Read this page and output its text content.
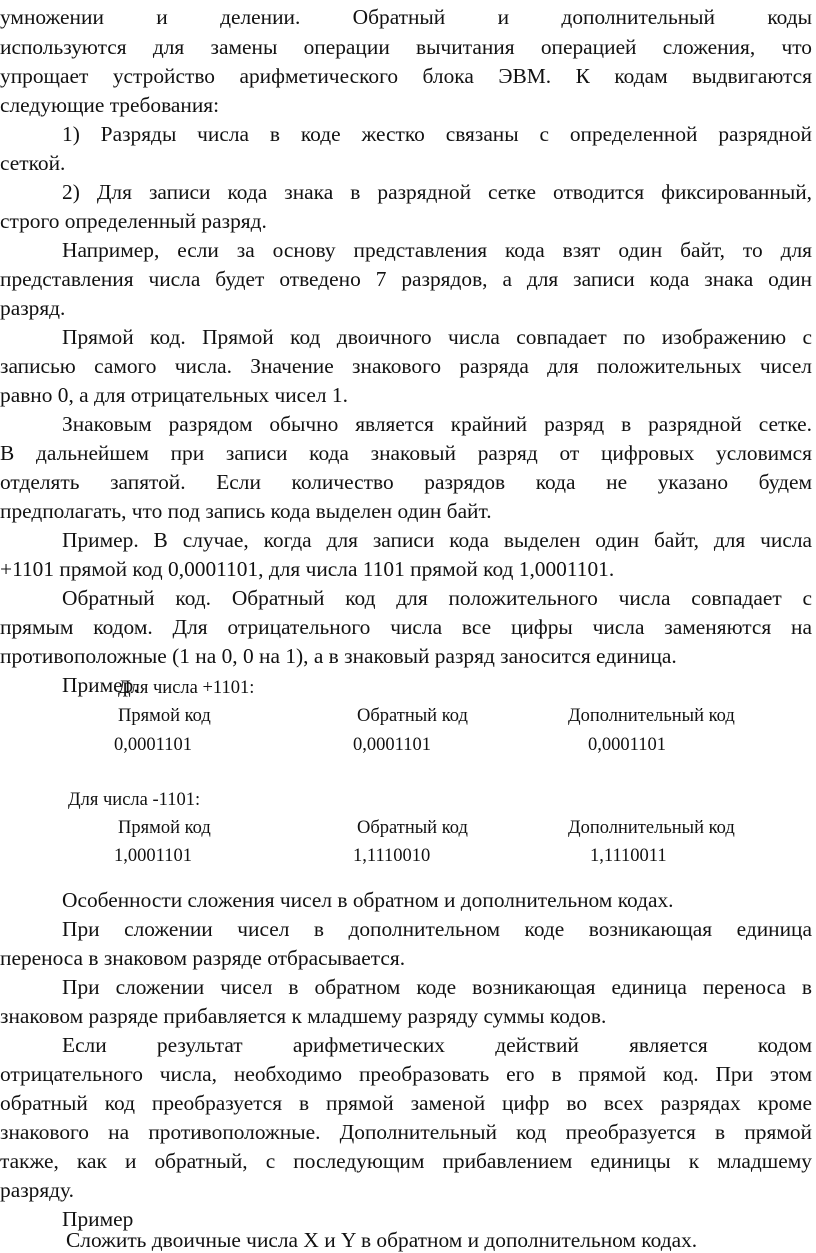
умножении и делении. Обратный и дополнительный коды
используются для замены операции вычитания операцией сложения, что
упрощает устройство арифметического блока ЭВМ. К кодам выдвигаются
следующие требования:
1) Разряды числа в коде жестко связаны с определенной разрядной
сеткой.
2) Для записи кода знака в разрядной сетке отводится фиксированный,
строго определенный разряд.
Например, если за основу представления кода взят один байт, то для
представления числа будет отведено 7 разрядов, а для записи кода знака один
разряд.
Прямой код. Прямой код двоичного числа совпадает по изображению с
записью самого числа. Значение знакового разряда для положительных чисел
равно 0, а для отрицательных чисел 1.
Знаковым разрядом обычно является крайний разряд в разрядной сетке.
В дальнейшем при записи кода знаковый разряд от цифровых условимся
отделять запятой. Если количество разрядов кода не указано будем
предполагать, что под запись кода выделен один байт.
Пример. В случае, когда для записи кода выделен один байт, для числа
+1101 прямой код 0,0001101, для числа 1101 прямой код 1,0001101.
Обратный код. Обратный код для положительного числа совпадает с
прямым кодом. Для отрицательного числа все цифры числа заменяются на
противоположные (1 на 0, 0 на 1), а в знаковый разряд заносится единица.
Пример.
Для числа +1101:
Прямой код	Обратный код	Дополнительный код
0,0001101	0,0001101	0,0001101
Для числа -1101:
Прямой код	Обратный код	Дополнительный код
1,0001101	1,1110010	1,1110011
Особенности сложения чисел в обратном и дополнительном кодах.
При сложении чисел в дополнительном коде возникающая единица
переноса в знаковом разряде отбрасывается.
При сложении чисел в обратном коде возникающая единица переноса в
знаковом разряде прибавляется к младшему разряду суммы кодов.
Если результат арифметических действий является кодом
отрицательного числа, необходимо преобразовать его в прямой код. При этом
обратный код преобразуется в прямой заменой цифр во всех разрядах кроме
знакового на противоположные. Дополнительный код преобразуется в прямой
также, как и обратный, с последующим прибавлением единицы к младшему
разряду.
Пример
Сложить двоичные числа X и Y в обратном и дополнительном кодах.
